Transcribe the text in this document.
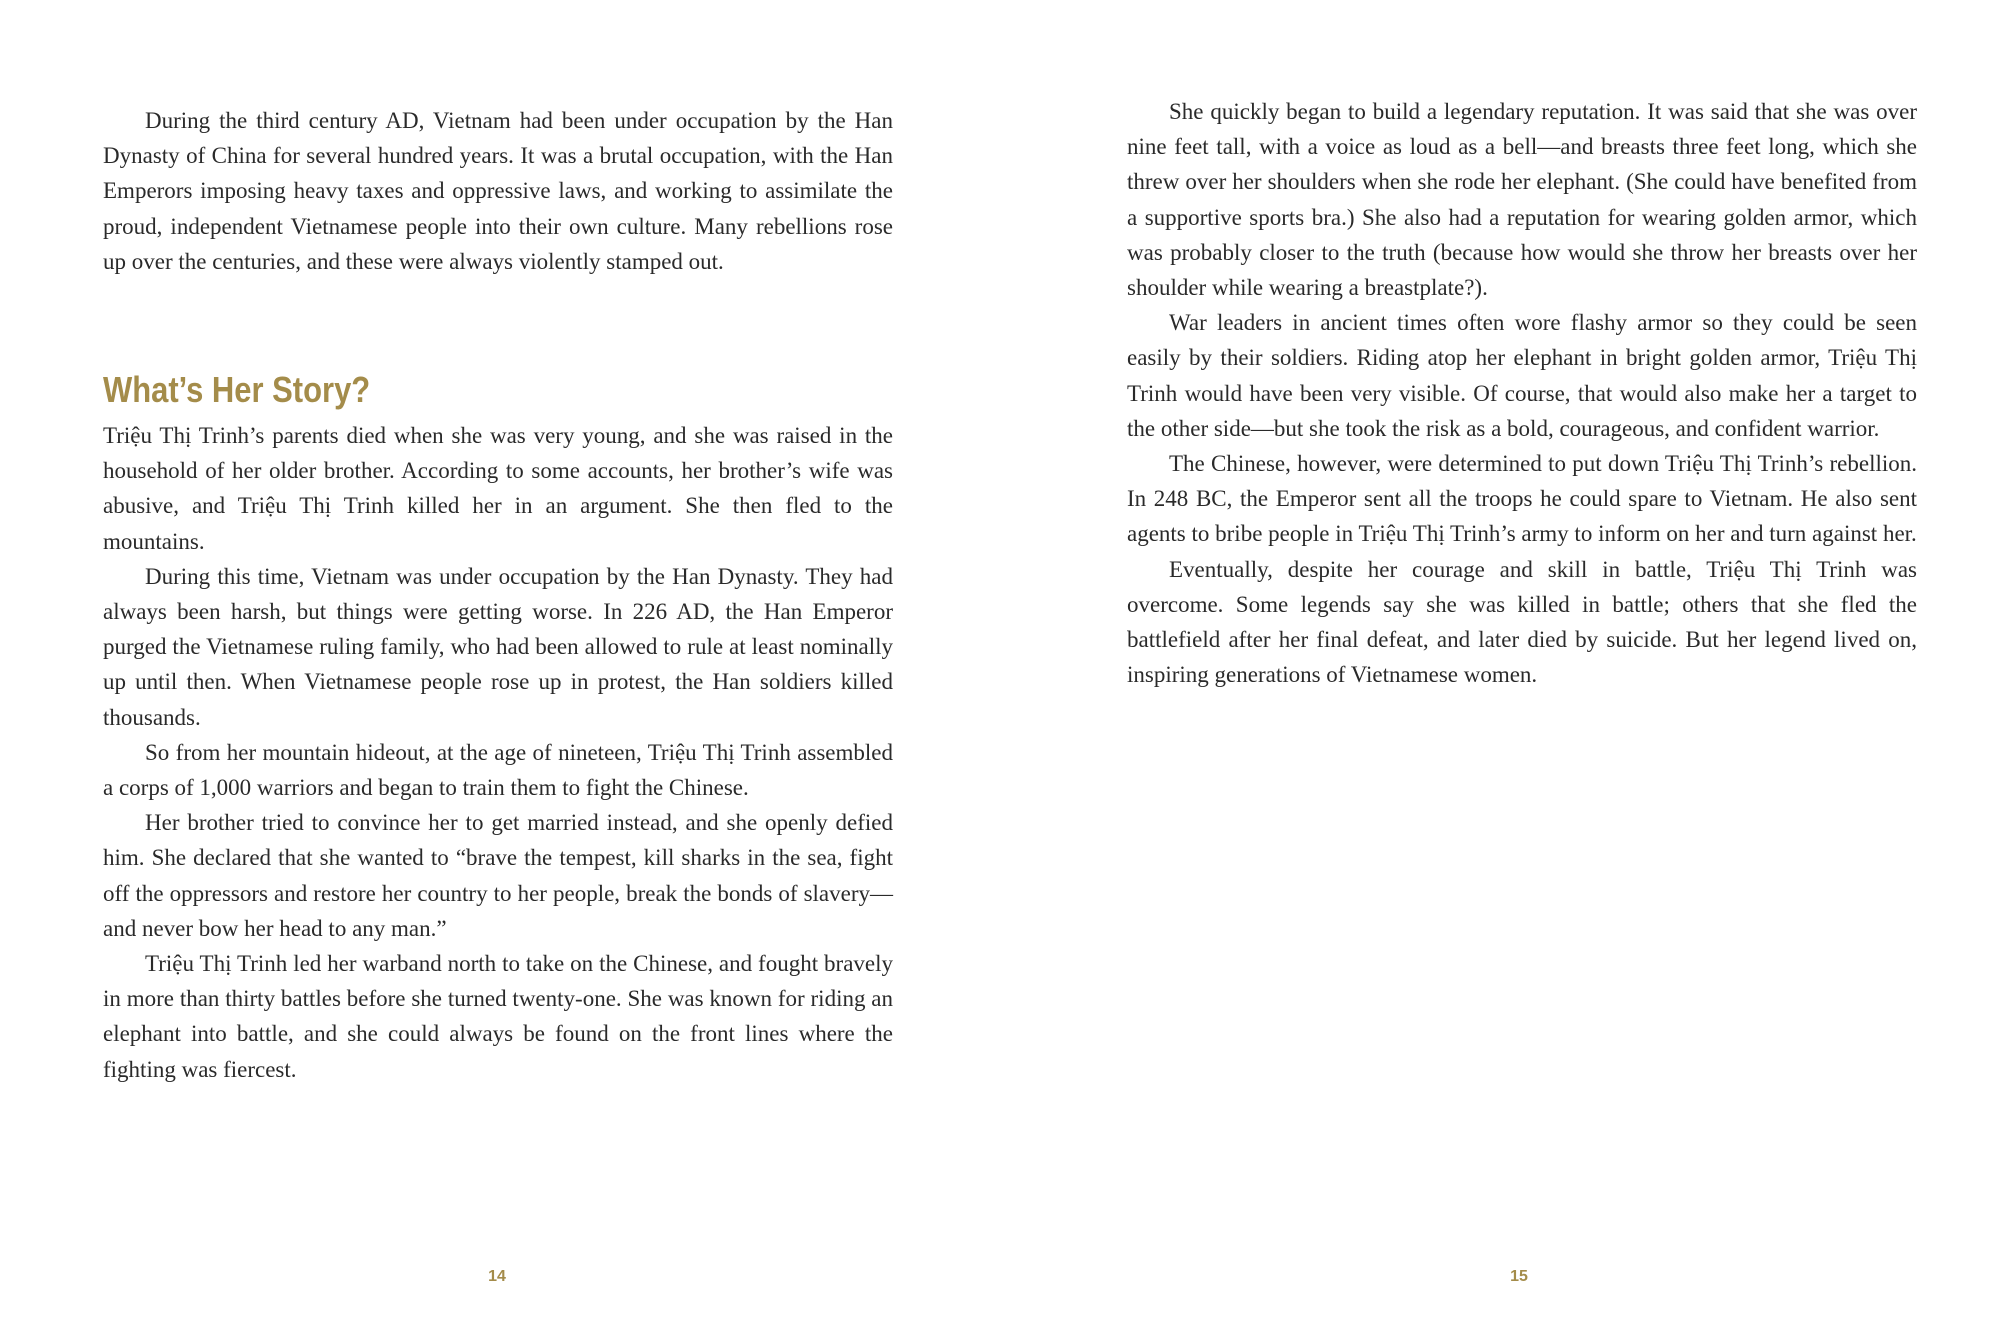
During the third century AD, Vietnam had been under occupation by the Han Dynasty of China for several hundred years. It was a brutal occupation, with the Han Emperors imposing heavy taxes and oppressive laws, and working to assimilate the proud, independent Vietnamese people into their own culture. Many rebellions rose up over the centuries, and these were always violently stamped out.

What’s Her Story?

Triệu Thị Trinh’s parents died when she was very young, and she was raised in the household of her older brother. According to some accounts, her brother’s wife was abusive, and Triệu Thị Trinh killed her in an argument. She then fled to the mountains.

During this time, Vietnam was under occupation by the Han Dynasty. They had always been harsh, but things were getting worse. In 226 AD, the Han Emperor purged the Vietnamese ruling family, who had been allowed to rule at least nominally up until then. When Vietnamese people rose up in protest, the Han soldiers killed thousands.

So from her mountain hideout, at the age of nineteen, Triệu Thị Trinh assembled a corps of 1,000 warriors and began to train them to fight the Chinese.

Her brother tried to convince her to get married instead, and she openly defied him. She declared that she wanted to “brave the tempest, kill sharks in the sea, fight off the oppressors and restore her country to her people, break the bonds of slavery—and never bow her head to any man.”

Triệu Thị Trinh led her warband north to take on the Chinese, and fought bravely in more than thirty battles before she turned twenty-one. She was known for riding an elephant into battle, and she could always be found on the front lines where the fighting was fiercest.

14

She quickly began to build a legendary reputation. It was said that she was over nine feet tall, with a voice as loud as a bell—and breasts three feet long, which she threw over her shoulders when she rode her elephant. (She could have benefited from a supportive sports bra.) She also had a reputation for wearing golden armor, which was probably closer to the truth (because how would she throw her breasts over her shoulder while wearing a breastplate?).

War leaders in ancient times often wore flashy armor so they could be seen easily by their soldiers. Riding atop her elephant in bright golden armor, Triệu Thị Trinh would have been very visible. Of course, that would also make her a target to the other side—but she took the risk as a bold, courageous, and confident warrior.

The Chinese, however, were determined to put down Triệu Thị Trinh’s rebellion. In 248 BC, the Emperor sent all the troops he could spare to Vietnam. He also sent agents to bribe people in Triệu Thị Trinh’s army to inform on her and turn against her.

Eventually, despite her courage and skill in battle, Triệu Thị Trinh was overcome. Some legends say she was killed in battle; others that she fled the battlefield after her final defeat, and later died by suicide. But her legend lived on, inspiring generations of Vietnamese women.

15
